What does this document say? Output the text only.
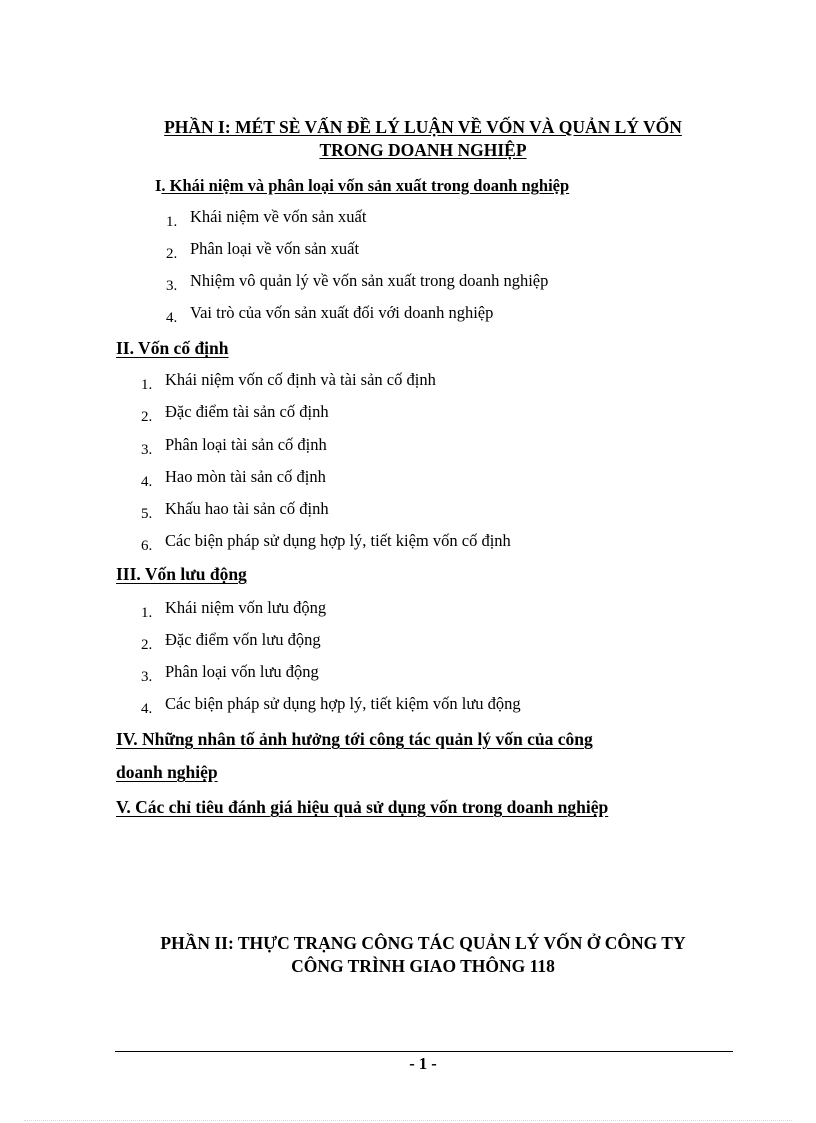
PHẦN I: MÉT SÈ VẤN ĐỀ LÝ LUẬN VỀ VỐN VÀ QUẢN LÝ VỐN
TRONG DOANH NGHIỆP
I. Khái niệm và phân loại vốn sản xuất trong doanh nghiệp
1. Khái niệm về vốn sản xuất
2. Phân loại về vốn sản xuất
3. Nhiệm vô quản lý về vốn sản xuất trong doanh nghiệp
4. Vai trò của vốn sản xuất đối với doanh nghiệp
II. Vốn cố định
1. Khái niệm vốn cố định và tài sản cố định
2. Đặc điểm tài sản cố định
3. Phân loại tài sản cố định
4. Hao mòn tài sản cố định
5. Khấu hao tài sản cố định
6. Các biện pháp sử dụng hợp lý, tiết kiệm vốn cố định
III. Vốn lưu động
1. Khái niệm vốn lưu động
2. Đặc điểm vốn lưu động
3. Phân loại vốn lưu động
4. Các biện pháp sử dụng hợp lý, tiết kiệm vốn lưu động
IV. Những nhân tố ảnh hưởng tới công tác quản lý vốn của công
doanh nghiệp
V. Các chỉ tiêu đánh giá hiệu quả sử dụng vốn trong doanh nghiệp
PHẦN II: THỰC TRẠNG CÔNG TÁC QUẢN LÝ VỐN Ở CÔNG TY
CÔNG TRÌNH GIAO THÔNG 118
- 1 -
